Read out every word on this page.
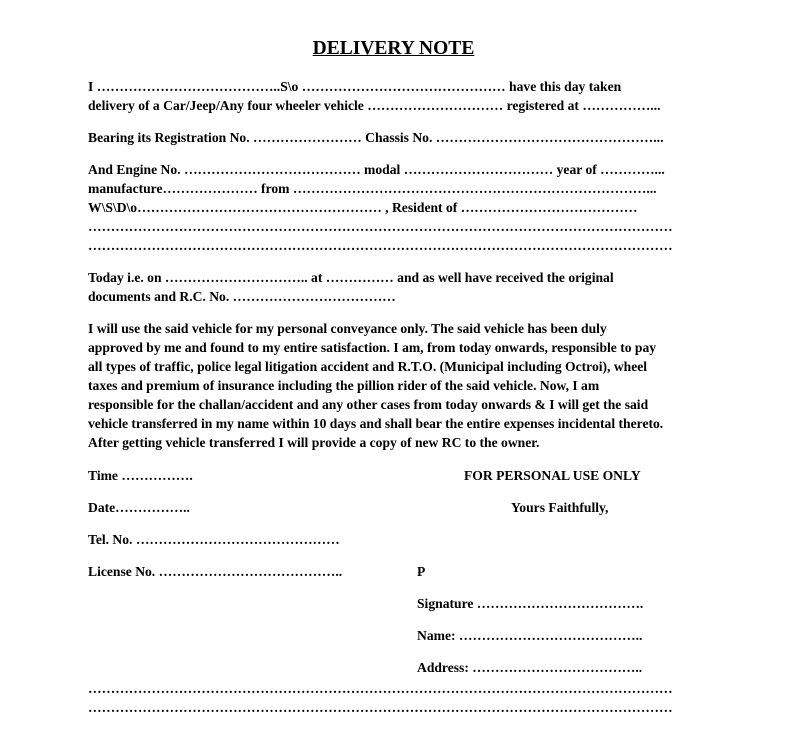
DELIVERY NOTE
I …………………………………..S\o ……………………………………… have this day taken
delivery of a Car/Jeep/Any four wheeler vehicle ………………………… registered at ……………...
Bearing its Registration No. …………………… Chassis No. …………………………………………...
And Engine No. ………………………………… modal …………………………… year of …………...
manufacture………………… from ……………………………………………………………………...
W\S\D\o……………………………………………… , Resident of …………………………………
…………………………………………………………………………………………………………………
…………………………………………………………………………………………………………………
Today i.e. on ………………………….. at …………… and as well have received the original
documents and R.C. No. ………………………………
I will use the said vehicle for my personal conveyance only. The said vehicle has been duly
approved by me and found to my entire satisfaction. I am, from today onwards, responsible to pay
all types of traffic, police legal litigation accident and R.T.O. (Municipal including Octroi), wheel
taxes and premium of insurance including the pillion rider of the said vehicle. Now, I am
responsible for the challan/accident and any other cases from today onwards & I will get the said
vehicle transferred in my name within 10 days and shall bear the entire expenses incidental thereto.
After getting vehicle transferred I will provide a copy of new RC to the owner.
Time …………….	FOR PERSONAL USE ONLY
Date……………..	Yours Faithfully,
Tel. No. ………………………………………
License No. …………………………………..	P
Signature ……………………………….
Name: …………………………………..
Address: ………………………………..
…………………………………………………………………………………………………………………
…………………………………………………………………………………………………………………
